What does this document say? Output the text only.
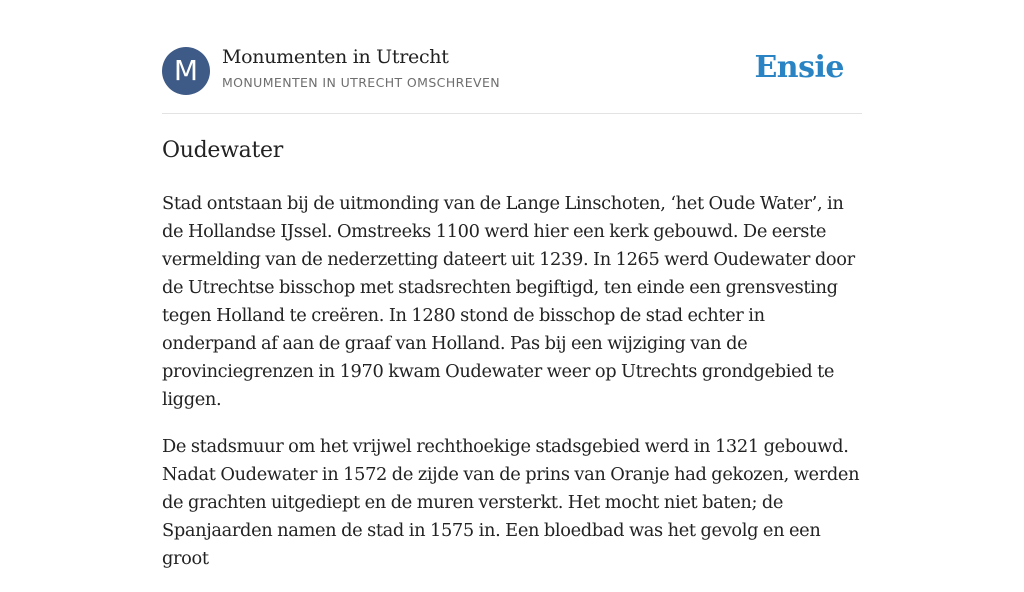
M	Monumenten in Utrecht
MONUMENTEN IN UTRECHT OMSCHREVEN	Ensie
Oudewater

Stad ontstaan bij de uitmonding van de Lange Linschoten, ‘het Oude Water’, in de Hollandse IJssel. Omstreeks 1100 werd hier een kerk gebouwd. De eerste vermelding van de nederzetting dateert uit 1239. In 1265 werd Oudewater door de Utrechtse bisschop met stadsrechten begiftigd, ten einde een grensvesting tegen Holland te creëren. In 1280 stond de bisschop de stad echter in onderpand af aan de graaf van Holland. Pas bij een wijziging van de provinciegrenzen in 1970 kwam Oudewater weer op Utrechts grondgebied te liggen.

De stadsmuur om het vrijwel rechthoekige stadsgebied werd in 1321 gebouwd. Nadat Oudewater in 1572 de zijde van de prins van Oranje had gekozen, werden de grachten uitgediept en de muren versterkt. Het mocht niet baten; de Spanjaarden namen de stad in 1575 in. Een bloedbad was het gevolg en een groot
